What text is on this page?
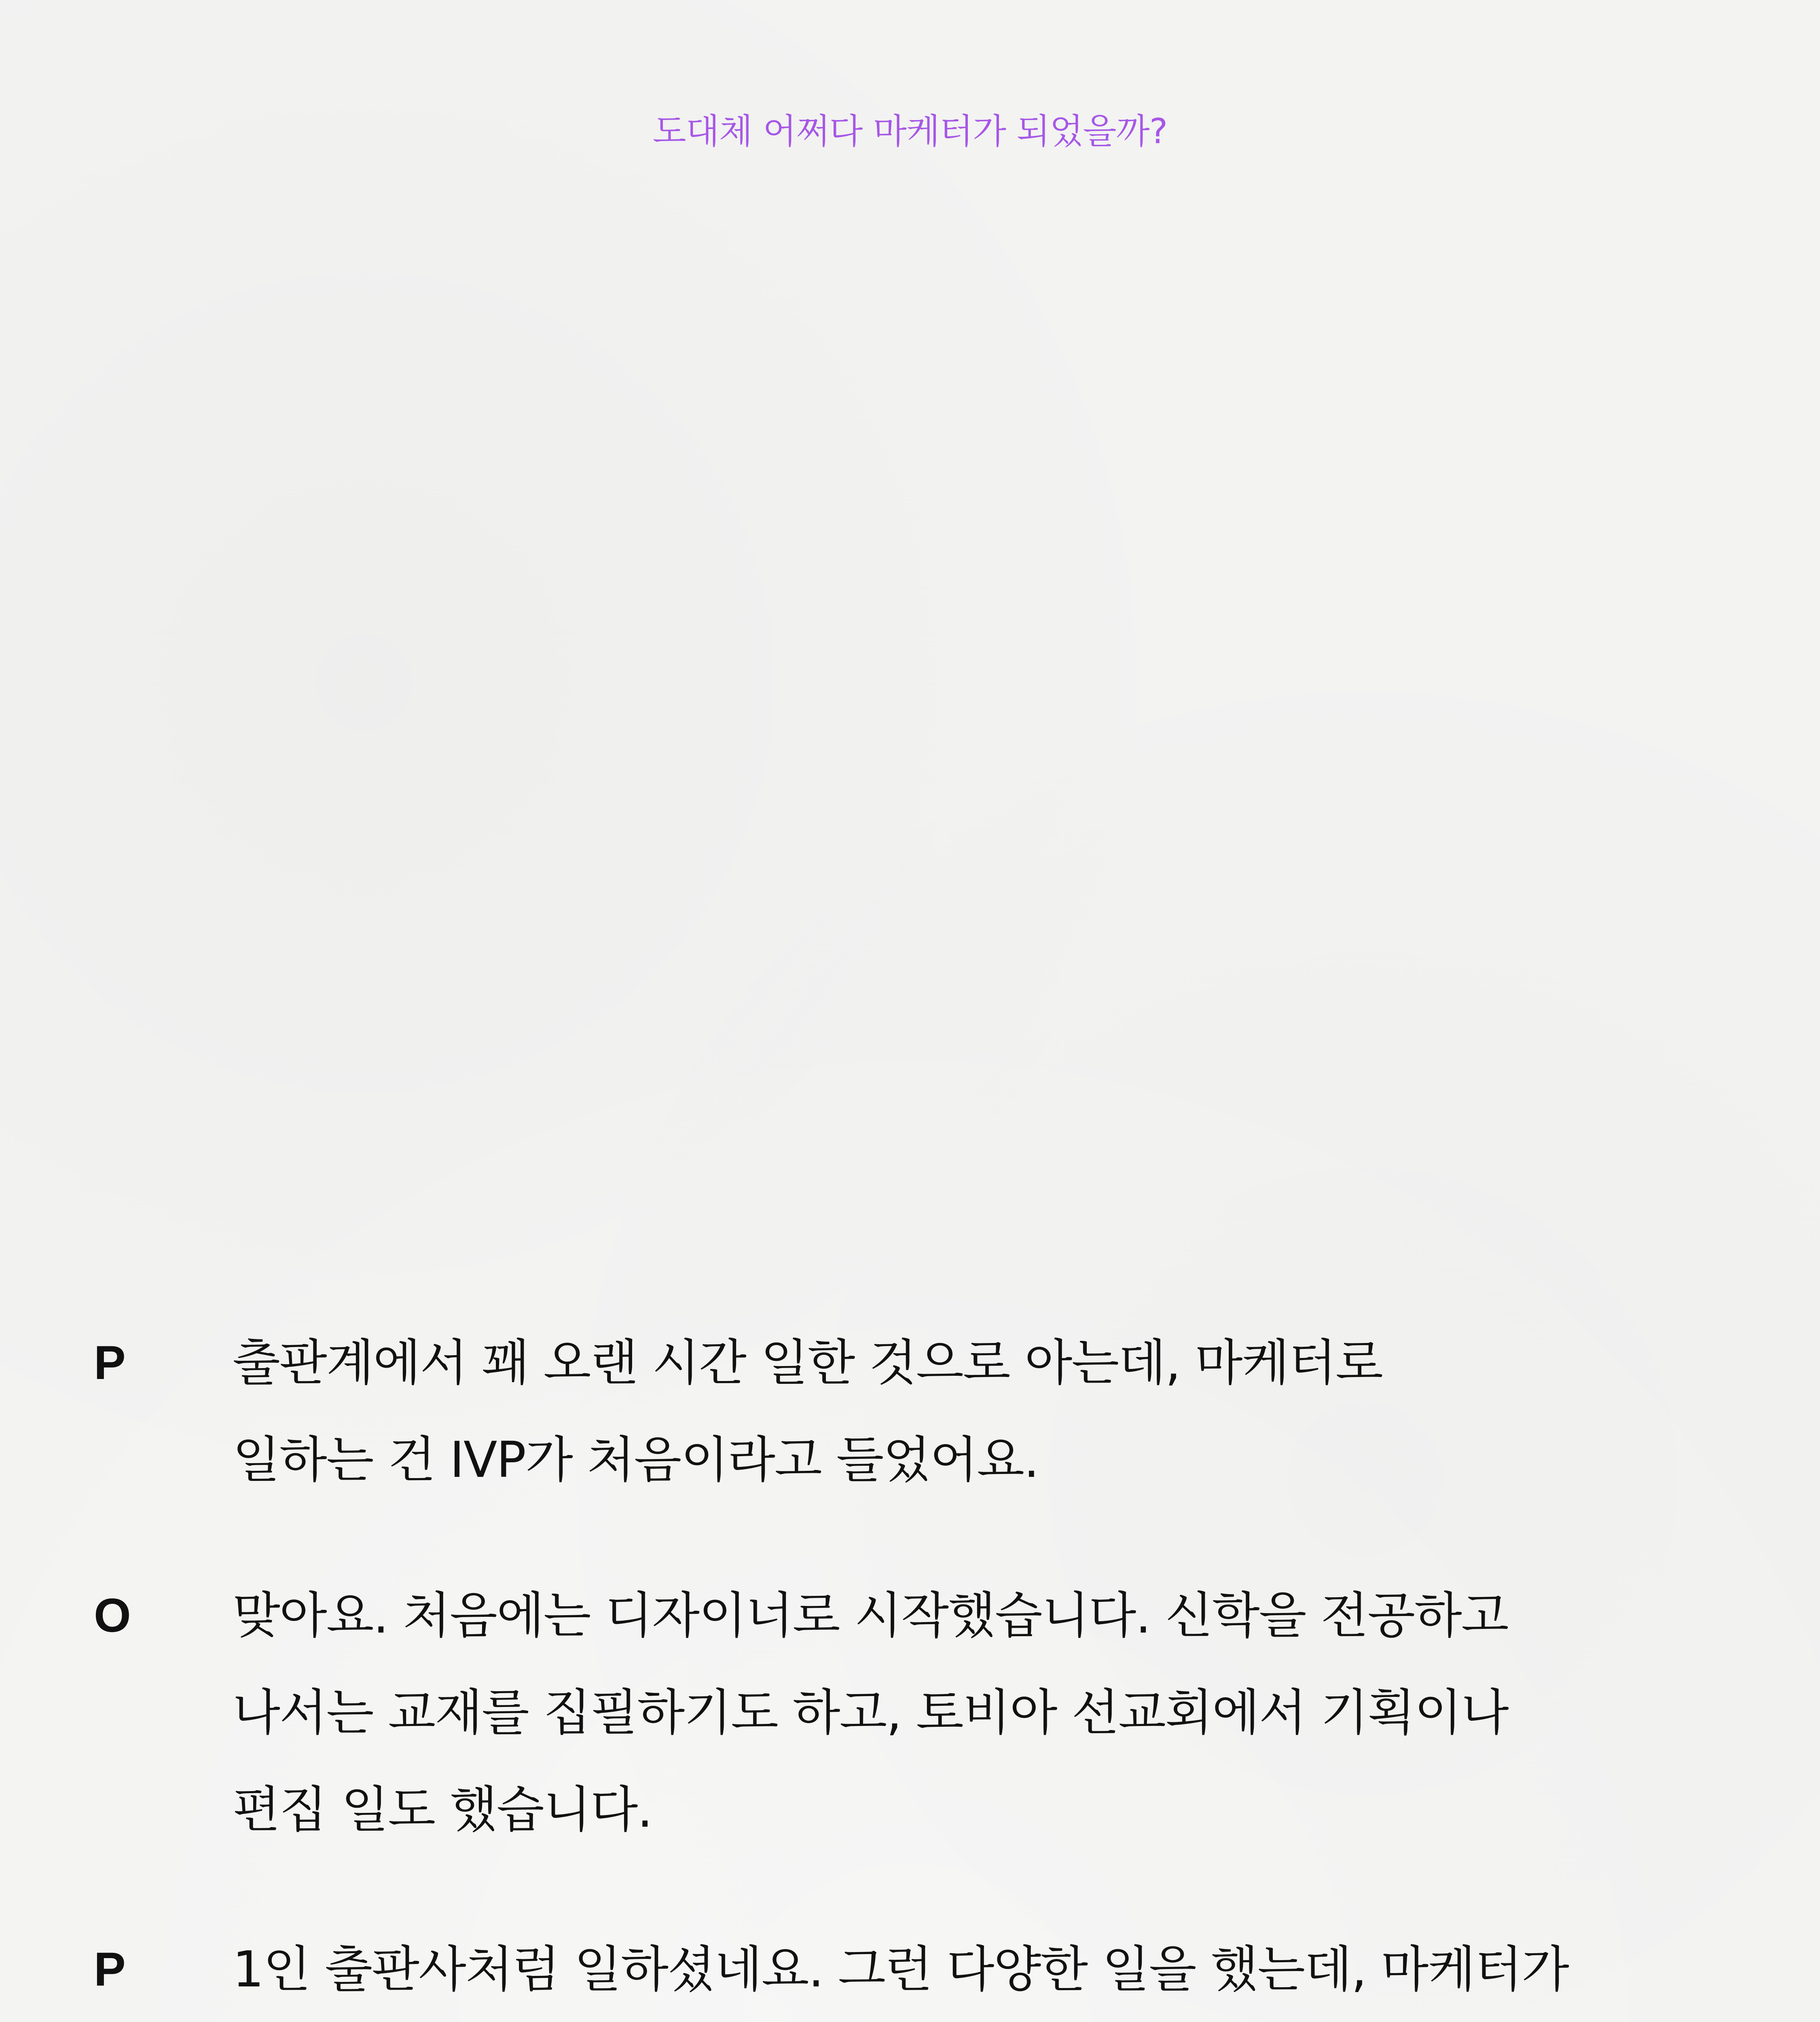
도대체 어쩌다 마케터가 되었을까?
P 출판계에서 꽤 오랜 시간 일한 것으로 아는데, 마케터로
일하는 건 IVP가 처음이라고 들었어요.
O 맞아요. 처음에는 디자이너로 시작했습니다. 신학을 전공하고
나서는 교재를 집필하기도 하고, 토비아 선교회에서 기획이나
편집 일도 했습니다.
P 1인 출판사처럼 일하셨네요. 그런 다양한 일을 했는데, 마케터가
